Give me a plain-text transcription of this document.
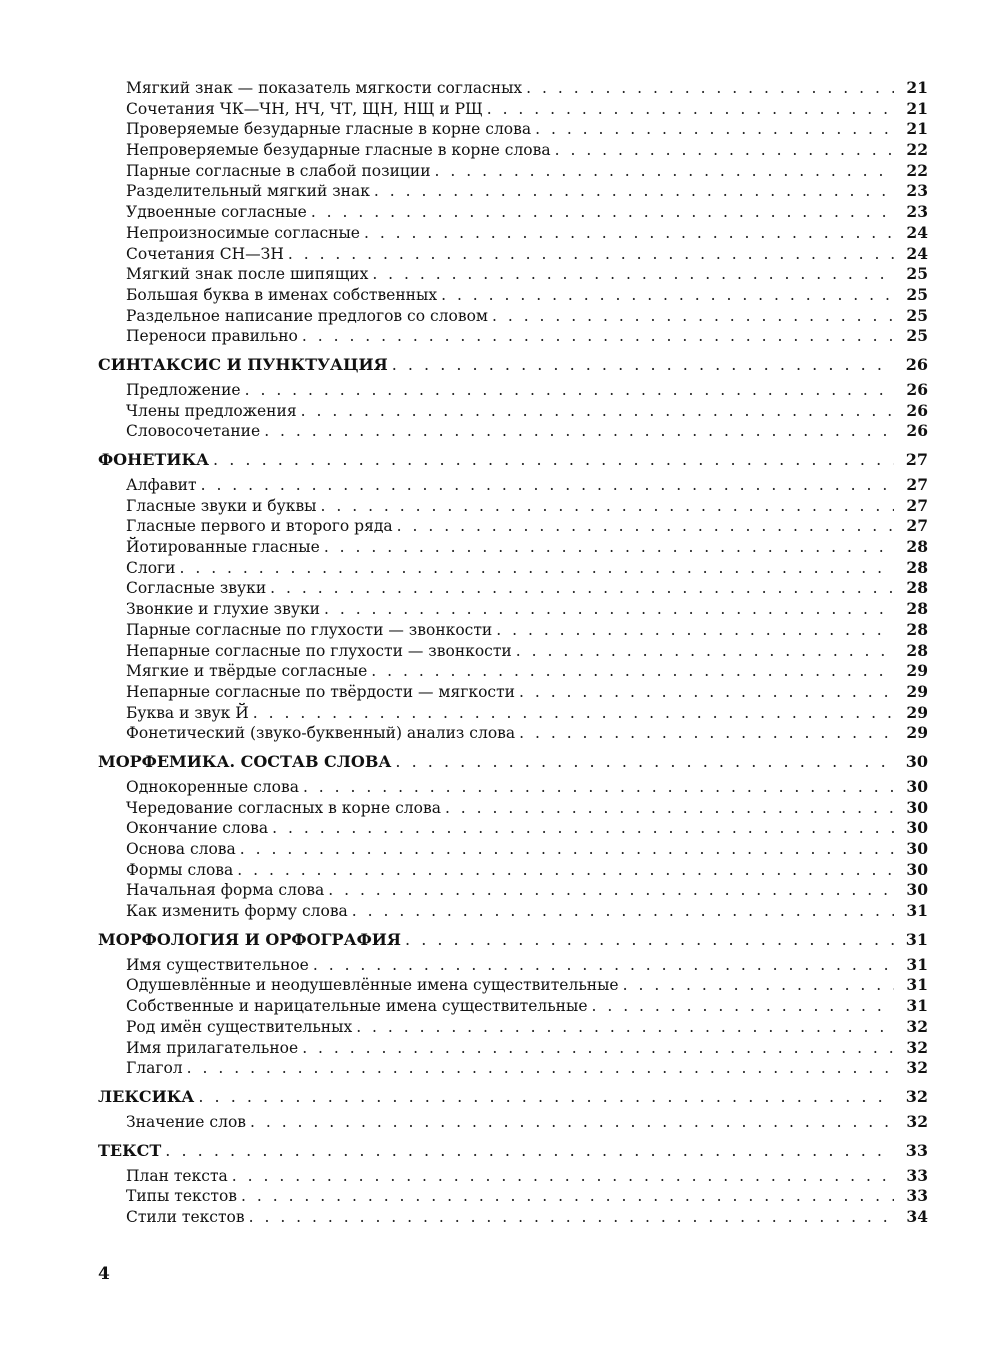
Мягкий знак — показатель мягкости согласных . . .	21
Сочетания ЧК—ЧН, НЧ, ЧТ, ЩН, НЩ и РЩ . . .	21
Проверяемые безударные гласные в корне слова . . .	21
Непроверяемые безударные гласные в корне слова . . .	22
Парные согласные в слабой позиции . . .	22
Разделительный мягкий знак . . .	23
Удвоенные согласные . . .	23
Непроизносимые согласные . . .	24
Сочетания СН—ЗН . . .	24
Мягкий знак после шипящих . . .	25
Большая буква в именах собственных . . .	25
Раздельное написание предлогов со словом . . .	25
Переноси правильно . . .	25
СИНТАКСИС И ПУНКТУАЦИЯ . . .	26
Предложение . . .	26
Члены предложения . . .	26
Словосочетание . . .	26
ФОНЕТИКА . . .	27
Алфавит . . .	27
Гласные звуки и буквы . . .	27
Гласные первого и второго ряда . . .	27
Йотированные гласные . . .	28
Слоги . . .	28
Согласные звуки . . .	28
Звонкие и глухие звуки . . .	28
Парные согласные по глухости — звонкости . . .	28
Непарные согласные по глухости — звонкости . . .	28
Мягкие и твёрдые согласные . . .	29
Непарные согласные по твёрдости — мягкости . . .	29
Буква и звук Й . . .	29
Фонетический (звуко-буквенный) анализ слова . . .	29
МОРФЕМИКА. СОСТАВ СЛОВА . . .	30
Однокоренные слова . . .	30
Чередование согласных в корне слова . . .	30
Окончание слова . . .	30
Основа слова . . .	30
Формы слова . . .	30
Начальная форма слова . . .	30
Как изменить форму слова . . .	31
МОРФОЛОГИЯ И ОРФОГРАФИЯ . . .	31
Имя существительное . . .	31
Одушевлённые и неодушевлённые имена существительные . . .	31
Собственные и нарицательные имена существительные . . .	31
Род имён существительных . . .	32
Имя прилагательное . . .	32
Глагол . . .	32
ЛЕКСИКА . . .	32
Значение слов . . .	32
ТЕКСТ . . .	33
План текста . . .	33
Типы текстов . . .	33
Стили текстов . . .	34
4
